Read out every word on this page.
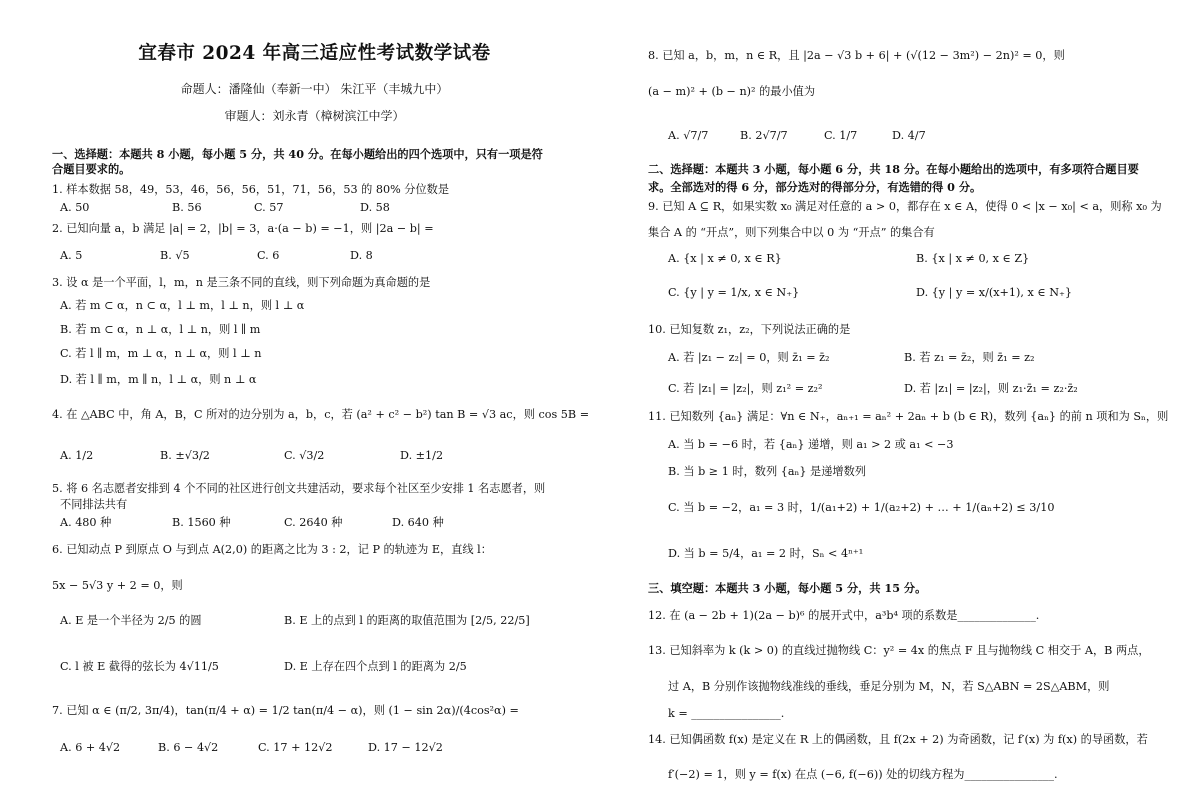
宜春市 2024 年高三适应性考试数学试卷
命题人：潘隆仙（奉新一中） 朱江平（丰城九中）
审题人：刘永青（樟树滨江中学）
一、选择题：本题共 8 小题，每小题 5 分，共 40 分。在每小题给出的四个选项中，只有一项是符
合题目要求的。
1. 样本数据 58，49，53，46，56，56，51，71，56，53 的 80% 分位数是
A. 50	B. 56	C. 57	D. 58
2. 已知向量 a，b 满足 |a| = 2，|b| = 3，a·(a − b) = −1，则 |2a − b| =
A. 5	B. √5	C. 6	D. 8
3. 设 α 是一个平面，l，m，n 是三条不同的直线，则下列命题为真命题的是
A. 若 m ⊂ α，n ⊂ α，l ⊥ m，l ⊥ n，则 l ⊥ α
B. 若 m ⊂ α，n ⊥ α，l ⊥ n，则 l ∥ m
C. 若 l ∥ m，m ⊥ α，n ⊥ α，则 l ⊥ n
D. 若 l ∥ m，m ∥ n，l ⊥ α，则 n ⊥ α
4. 在 △ABC 中，角 A，B，C 所对的边分别为 a，b，c，若 (a² + c² − b²) tan B = √3 ac，则 cos 5B =
A. 1/2	B. ±√3/2	C. √3/2	D. ±1/2
5. 将 6 名志愿者安排到 4 个不同的社区进行创文共建活动，要求每个社区至少安排 1 名志愿者，则
不同排法共有
A. 480 种	B. 1560 种	C. 2640 种	D. 640 种
6. 已知动点 P 到原点 O 与到点 A(2,0) 的距离之比为 3 : 2，记 P 的轨迹为 E，直线 l：
5x − 5√3 y + 2 = 0，则
A. E 是一个半径为 2/5 的圆	B. E 上的点到 l 的距离的取值范围为 [2/5, 22/5]
C. l 被 E 截得的弦长为 4√11/5	D. E 上存在四个点到 l 的距离为 2/5
7. 已知 α ∈ (π/2, 3π/4)，tan(π/4 + α) = 1/2 tan(π/4 − α)，则 (1 − sin 2α)/(4cos²α) =
A. 6 + 4√2	B. 6 − 4√2	C. 17 + 12√2	D. 17 − 12√2
8. 已知 a，b，m，n ∈ R，且 |2a − √3 b + 6| + (√(12 − 3m²) − 2n)² = 0，则
(a − m)² + (b − n)² 的最小值为
A. √7/7	B. 2√7/7	C. 1/7	D. 4/7
二、选择题：本题共 3 小题，每小题 6 分，共 18 分。在每小题给出的选项中，有多项符合题目要
求。全部选对的得 6 分，部分选对的得部分分，有选错的得 0 分。
9. 已知 A ⊆ R，如果实数 x₀ 满足对任意的 a > 0，都存在 x ∈ A，使得 0 < |x − x₀| < a，则称 x₀ 为
集合 A 的 “开点”，则下列集合中以 0 为 “开点” 的集合有
A. {x | x ≠ 0, x ∈ R}	B. {x | x ≠ 0, x ∈ Z}
C. {y | y = 1/x, x ∈ N₊}	D. {y | y = x/(x+1), x ∈ N₊}
10. 已知复数 z₁，z₂，下列说法正确的是
A. 若 |z₁ − z₂| = 0，则 z̄₁ = z̄₂	B. 若 z₁ = z̄₂，则 z̄₁ = z₂
C. 若 |z₁| = |z₂|，则 z₁² = z₂²	D. 若 |z₁| = |z₂|，则 z₁·z̄₁ = z₂·z̄₂
11. 已知数列 {aₙ} 满足：∀n ∈ N₊，aₙ₊₁ = aₙ² + 2aₙ + b (b ∈ R)，数列 {aₙ} 的前 n 项和为 Sₙ，则
A. 当 b = −6 时，若 {aₙ} 递增，则 a₁ > 2 或 a₁ < −3
B. 当 b ≥ 1 时，数列 {aₙ} 是递增数列
C. 当 b = −2，a₁ = 3 时，1/(a₁+2) + 1/(a₂+2) + … + 1/(aₙ+2) ≤ 3/10
D. 当 b = 5/4，a₁ = 2 时，Sₙ < 4ⁿ⁺¹
三、填空题：本题共 3 小题，每小题 5 分，共 15 分。
12. 在 (a − 2b + 1)(2a − b)⁶ 的展开式中，a³b⁴ 项的系数是______________.
13. 已知斜率为 k (k > 0) 的直线过抛物线 C：y² = 4x 的焦点 F 且与抛物线 C 相交于 A，B 两点，
过 A，B 分别作该抛物线准线的垂线，垂足分别为 M，N，若 S△ABN = 2S△ABM，则
k = ________________.
14. 已知偶函数 f(x) 是定义在 R 上的偶函数，且 f(2x + 2) 为奇函数，记 f′(x) 为 f(x) 的导函数，若
f′(−2) = 1，则 y = f(x) 在点 (−6, f(−6)) 处的切线方程为________________.
